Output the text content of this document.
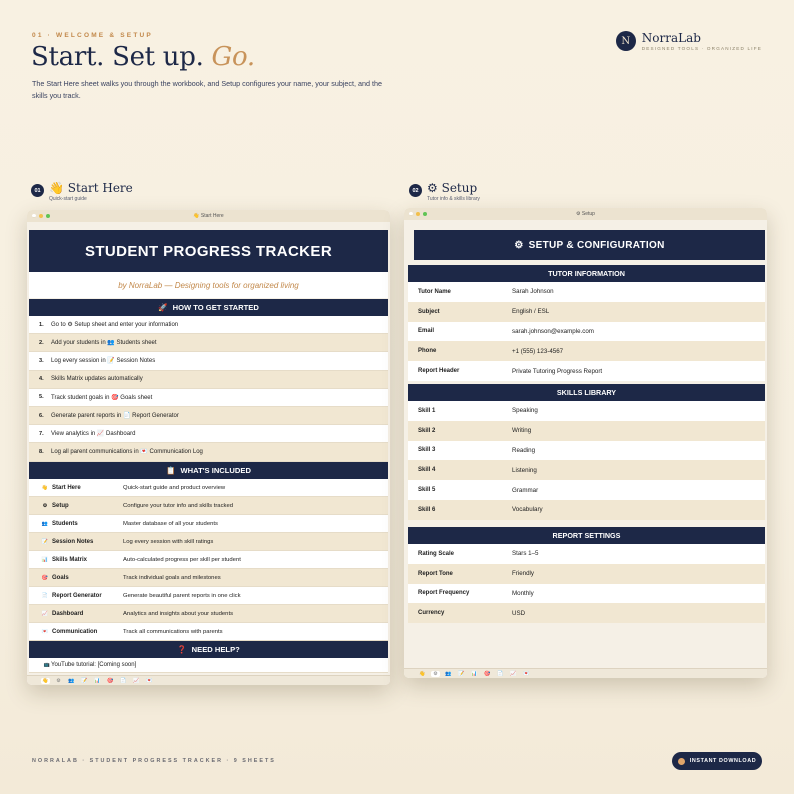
01 · WELCOME & SETUP
Start. Set up. Go.
The Start Here sheet walks you through the workbook, and Setup configures your name, your subject, and the skills you track.
N NorraLab
DESIGNED TOOLS · ORGANIZED LIFE
01 👋 Start Here
Quick-start guide
02 ⚙ Setup
Tutor info & skills library
👋 Start Here
STUDENT PROGRESS TRACKER
by NorraLab — Designing tools for organized living
🚀 HOW TO GET STARTED
1.	Go to ⚙ Setup sheet and enter your information
2.	Add your students in 👥 Students sheet
3.	Log every session in 📝 Session Notes
4.	Skills Matrix updates automatically
5.	Track student goals in 🎯 Goals sheet
6.	Generate parent reports in 📄 Report Generator
7.	View analytics in 📈 Dashboard
8.	Log all parent communications in 💌 Communication Log
📋 WHAT'S INCLUDED
👋 Start Here	Quick-start guide and product overview
⚙ Setup	Configure your tutor info and skills tracked
👥 Students	Master database of all your students
📝 Session Notes	Log every session with skill ratings
📊 Skills Matrix	Auto-calculated progress per skill per student
🎯 Goals	Track individual goals and milestones
📄 Report Generator	Generate beautiful parent reports in one click
📈 Dashboard	Analytics and insights about your students
💌 Communication	Track all communications with parents
❓ NEED HELP?
📺 YouTube tutorial: [Coming soon]
👋	⚙	👥 📝 📊 🎯 📄 📈 💌
⚙ Setup
⚙ SETUP & CONFIGURATION
TUTOR INFORMATION
Tutor Name	Sarah Johnson
Subject	English / ESL
Email	sarah.johnson@example.com
Phone	+1 (555) 123-4567
Report Header	Private Tutoring Progress Report
SKILLS LIBRARY
Skill 1	Speaking
Skill 2	Writing
Skill 3	Reading
Skill 4	Listening
Skill 5	Grammar
Skill 6	Vocabulary
REPORT SETTINGS
Rating Scale	Stars 1–5
Report Tone	Friendly
Report Frequency	Monthly
Currency	USD
👋	⚙	👥 📝 📊 🎯 📄 📈 💌
NORRALAB · STUDENT PROGRESS TRACKER · 9 SHEETS	INSTANT DOWNLOAD
